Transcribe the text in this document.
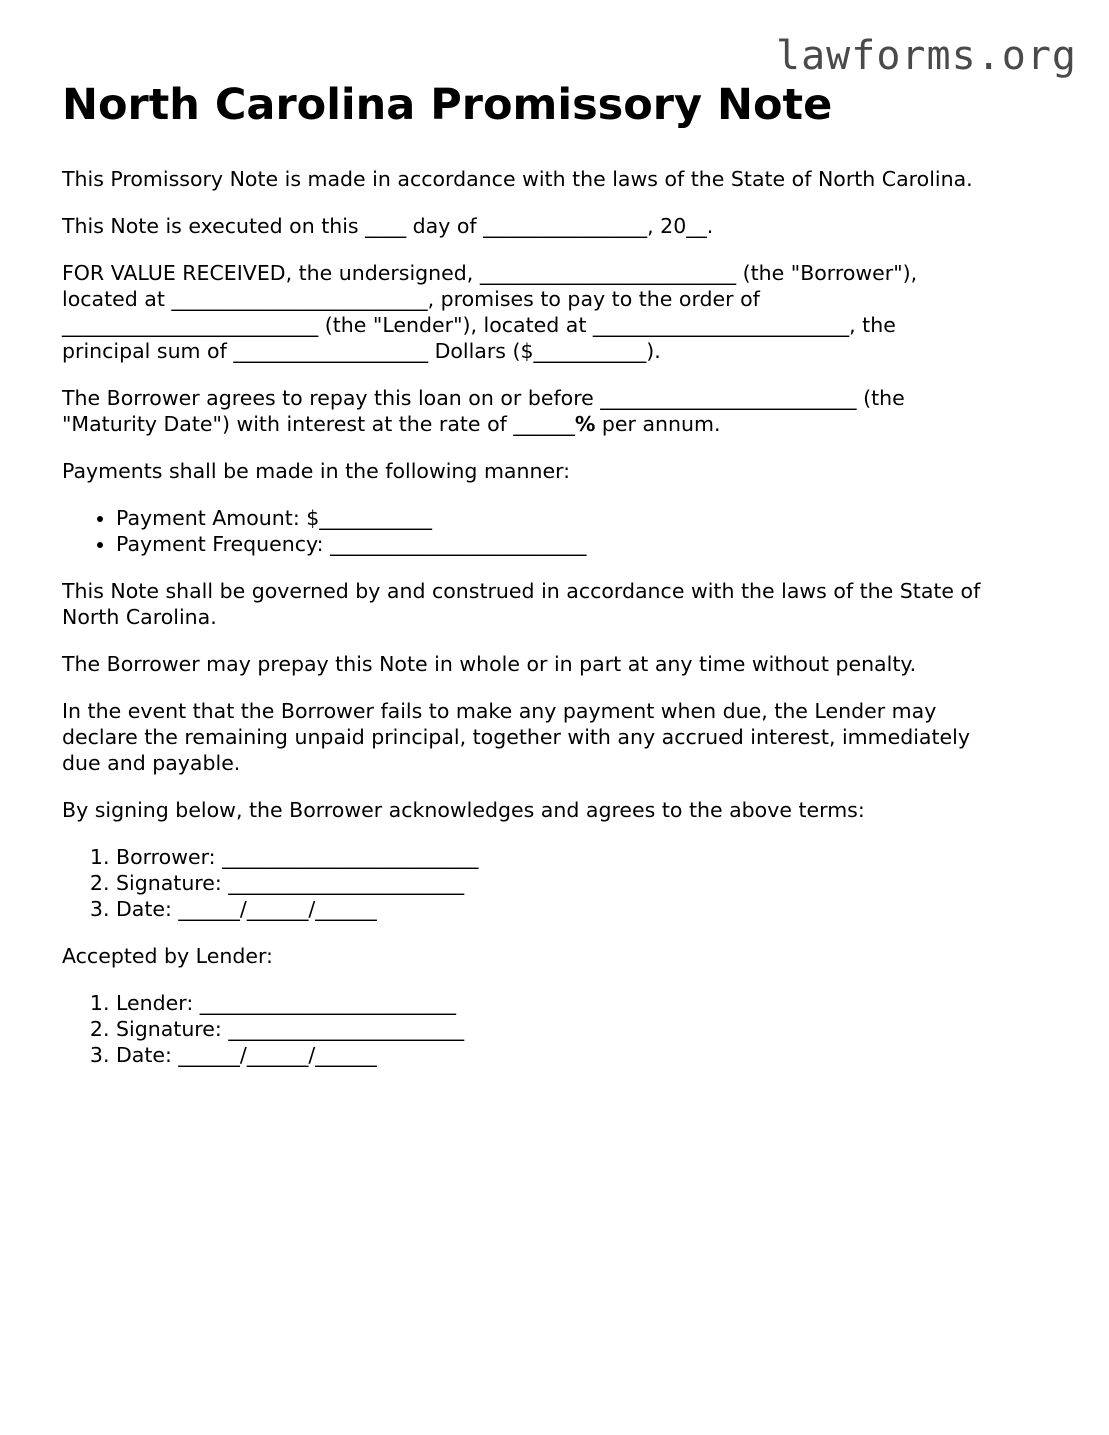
lawforms.org
North Carolina Promissory Note

This Promissory Note is made in accordance with the laws of the State of North Carolina.

This Note is executed on this ____ day of ________________, 20__.

FOR VALUE RECEIVED, the undersigned, _________________________ (the "Borrower"),
located at _________________________, promises to pay to the order of
_________________________ (the "Lender"), located at _________________________, the
principal sum of ___________________ Dollars ($___________).

The Borrower agrees to repay this loan on or before _________________________ (the
"Maturity Date") with interest at the rate of ______% per annum.

Payments shall be made in the following manner:

• Payment Amount: $___________
• Payment Frequency: _________________________

This Note shall be governed by and construed in accordance with the laws of the State of
North Carolina.

The Borrower may prepay this Note in whole or in part at any time without penalty.

In the event that the Borrower fails to make any payment when due, the Lender may
declare the remaining unpaid principal, together with any accrued interest, immediately
due and payable.

By signing below, the Borrower acknowledges and agrees to the above terms:

1. Borrower: _________________________
2. Signature: _______________________
3. Date: ______/______/______

Accepted by Lender:

1. Lender: _________________________
2. Signature: _______________________
3. Date: ______/______/______
